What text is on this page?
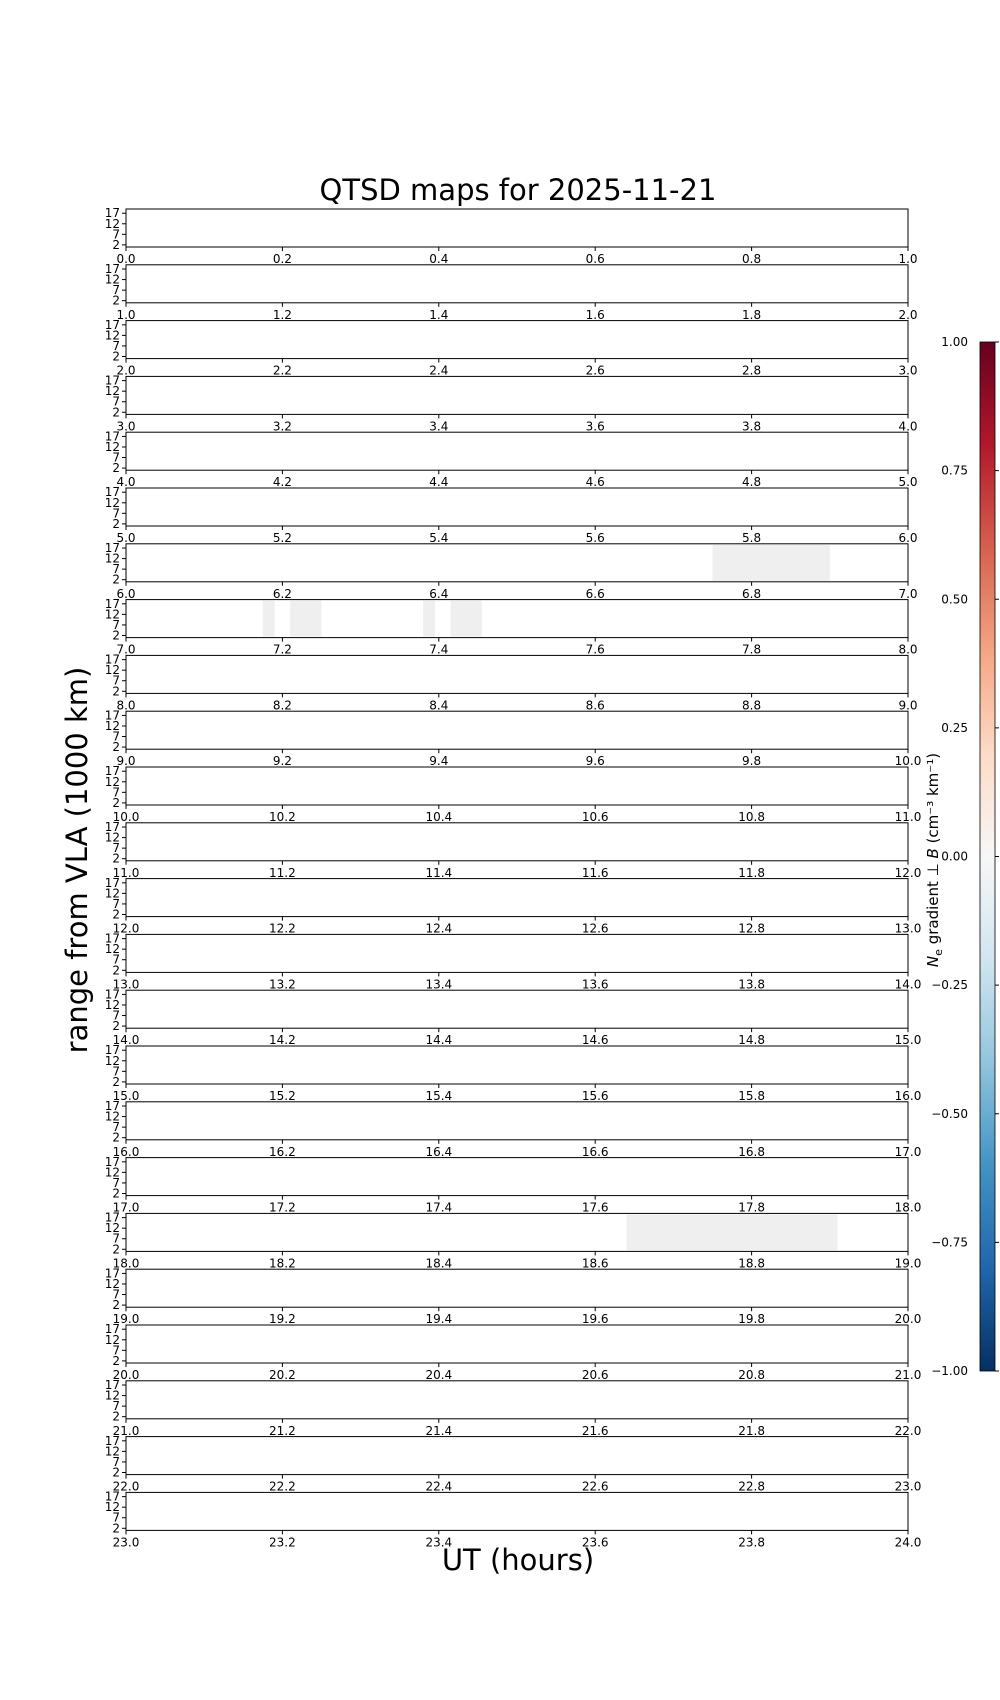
QTSD maps for 2025-11-21
17
12
7
2
0.0	0.2	0.4	0.6	0.8	1.0
17
12
7
2
1.0	1.2	1.4	1.6	1.8	2.0
17
12
7
2
2.0	2.2	2.4	2.6	2.8	3.0
17
12
7
2
3.0	3.2	3.4	3.6	3.8	4.0
17
12
7
2
4.0	4.2	4.4	4.6	4.8	5.0
17
12
7
2
5.0	5.2	5.4	5.6	5.8	6.0
17
12
7
2
6.0	6.2	6.4	6.6	6.8	7.0
17
12
7
2
7.0	7.2	7.4	7.6	7.8	8.0
17
12
7
2
8.0	8.2	8.4	8.6	8.8	9.0
17
12
7
2
9.0	9.2	9.4	9.6	9.8	10.0
17
12
7
2
10.0	10.2	10.4	10.6	10.8	11.0
17
12
7
2
11.0	11.2	11.4	11.6	11.8	12.0
17
12
7
2
12.0	12.2	12.4	12.6	12.8	13.0
17
12
7
2
13.0	13.2	13.4	13.6	13.8	14.0
17
12
7
2
14.0	14.2	14.4	14.6	14.8	15.0
17
12
7
2
15.0	15.2	15.4	15.6	15.8	16.0
17
12
7
2
16.0	16.2	16.4	16.6	16.8	17.0
17
12
7
2
17.0	17.2	17.4	17.6	17.8	18.0
17
12
7
2
18.0	18.2	18.4	18.6	18.8	19.0
17
12
7
2
19.0	19.2	19.4	19.6	19.8	20.0
17
12
7
2
20.0	20.2	20.4	20.6	20.8	21.0
17
12
7
2
21.0	21.2	21.4	21.6	21.8	22.0
17
12
7
2
22.0	22.2	22.4	22.6	22.8	23.0
17
12
7
2
23.0	23.2	23.4	23.6	23.8	24.0
UT (hours)
range from VLA (1000 km)
1.00
0.75
0.50
0.25
0.00
−0.25
−0.50
−0.75
−1.00
$N_e$ gradient ⊥ B (cm⁻³ km⁻¹)
